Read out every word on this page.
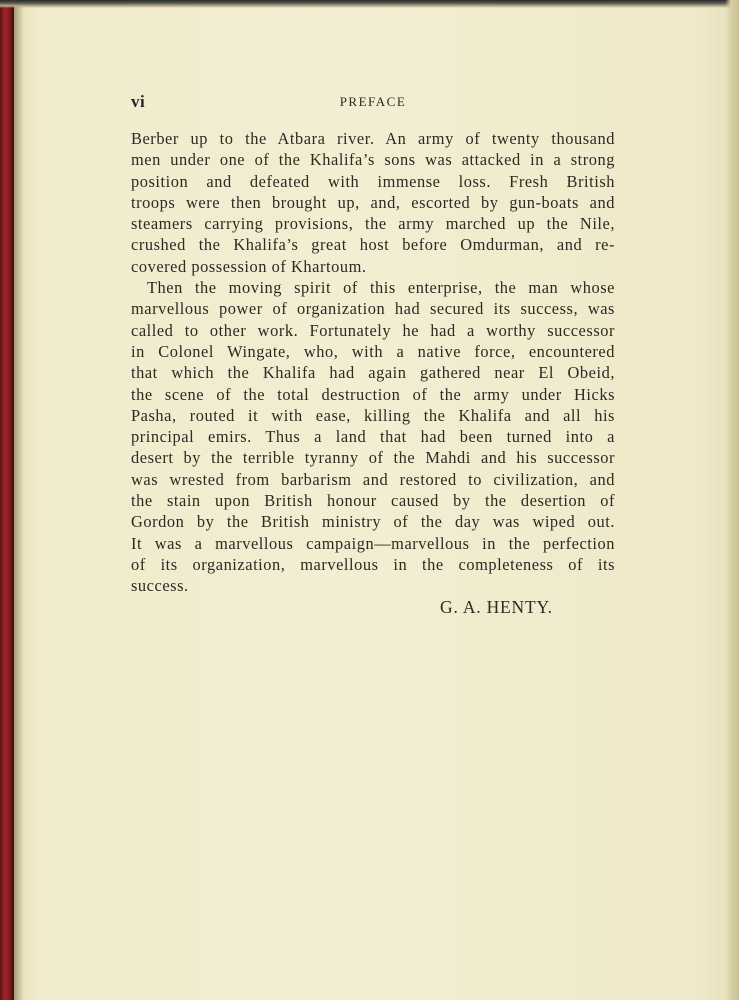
vi	PREFACE
Berber up to the Atbara river. An army of twenty thousand
men under one of the Khalifa’s sons was attacked in a strong
position and defeated with immense loss. Fresh British
troops were then brought up, and, escorted by gun-boats and
steamers carrying provisions, the army marched up the Nile,
crushed the Khalifa’s great host before Omdurman, and re-
covered possession of Khartoum.
Then the moving spirit of this enterprise, the man whose
marvellous power of organization had secured its success, was
called to other work. Fortunately he had a worthy successor
in Colonel Wingate, who, with a native force, encountered
that which the Khalifa had again gathered near El Obeid,
the scene of the total destruction of the army under Hicks
Pasha, routed it with ease, killing the Khalifa and all his
principal emirs. Thus a land that had been turned into a
desert by the terrible tyranny of the Mahdi and his successor
was wrested from barbarism and restored to civilization, and
the stain upon British honour caused by the desertion of
Gordon by the British ministry of the day was wiped out.
It was a marvellous campaign—marvellous in the perfection
of its organization, marvellous in the completeness of its
success.
G. A. HENTY.
